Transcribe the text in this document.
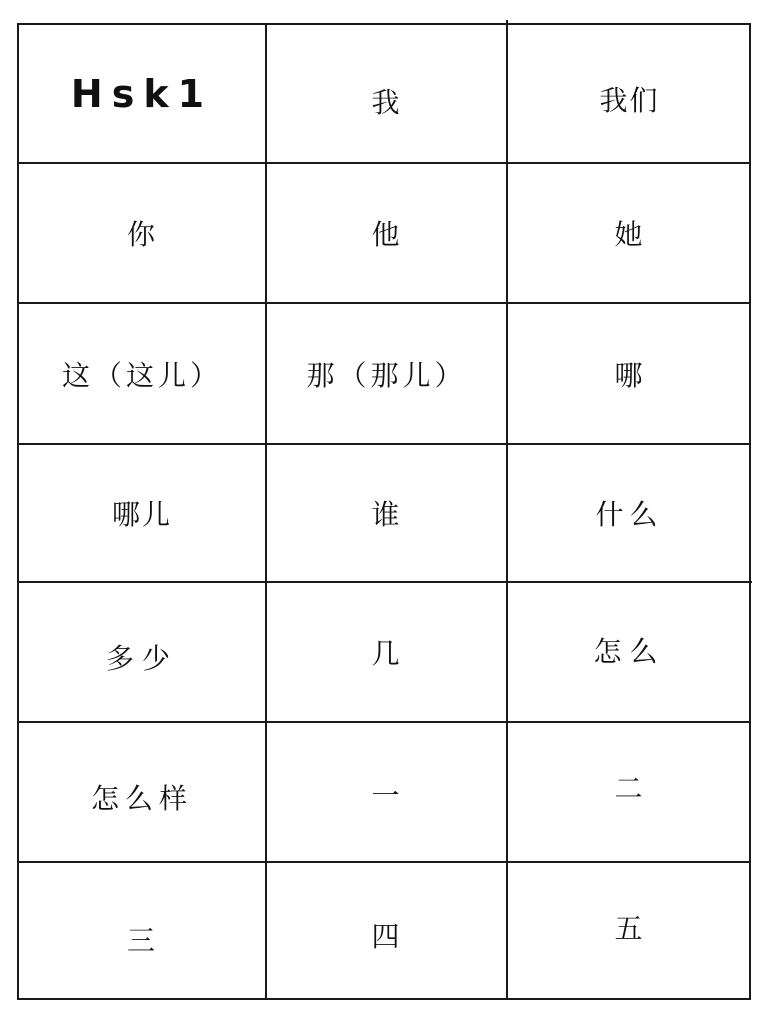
Hsk1	我	我们
你	他	她
这（这儿）	那（那儿）	哪
哪儿	谁	什么
多少	几	怎么
怎么样	一	二
三	四	五
